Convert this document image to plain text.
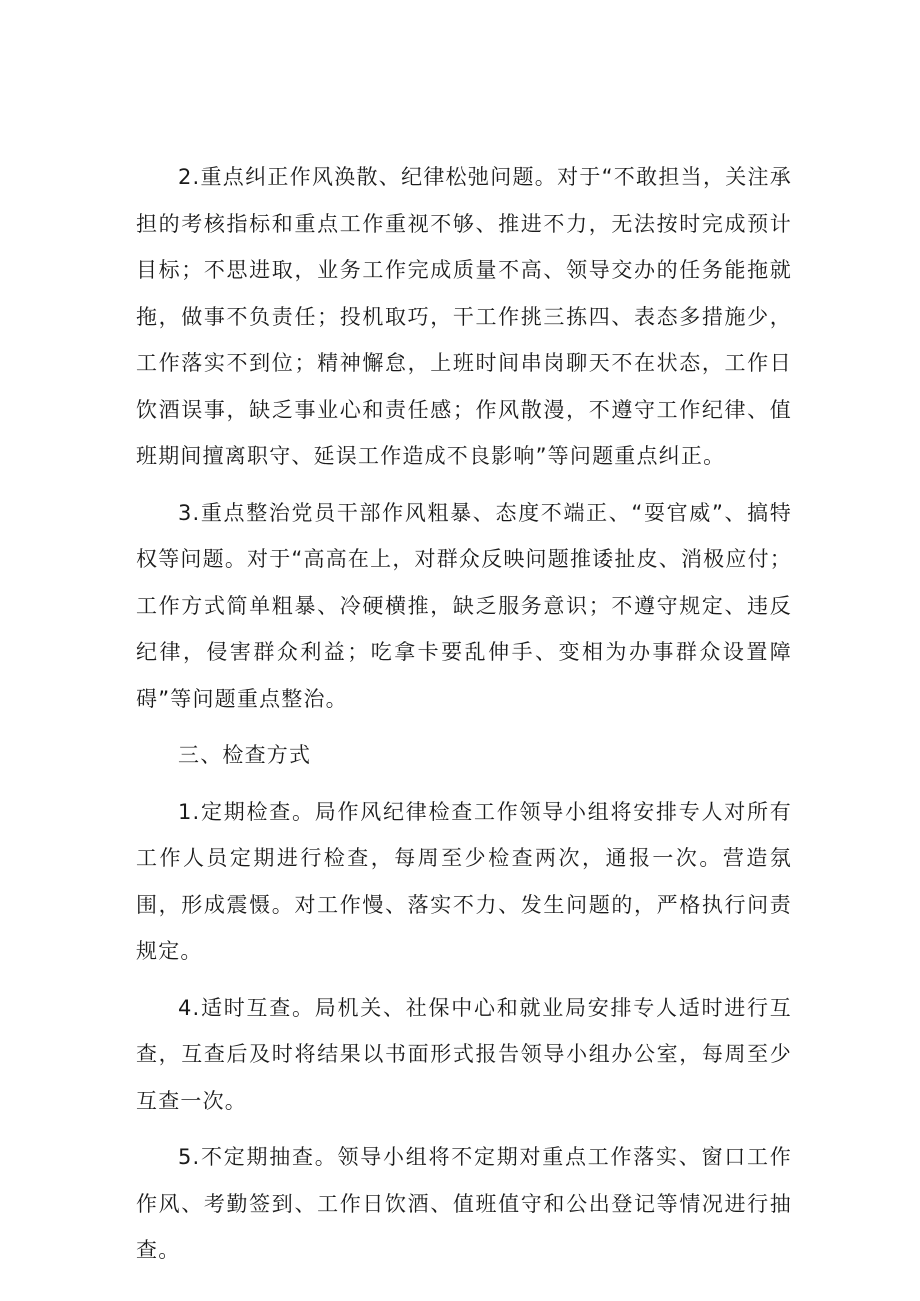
2.重点纠正作风涣散、纪律松弛问题。对于“不敢担当，关注承担的考核指标和重点工作重视不够、推进不力，无法按时完成预计目标；不思进取，业务工作完成质量不高、领导交办的任务能拖就拖，做事不负责任；投机取巧，干工作挑三拣四、表态多措施少，工作落实不到位；精神懈怠，上班时间串岗聊天不在状态，工作日饮酒误事，缺乏事业心和责任感；作风散漫，不遵守工作纪律、值班期间擅离职守、延误工作造成不良影响”等问题重点纠正。

3.重点整治党员干部作风粗暴、态度不端正、“耍官威”、搞特权等问题。对于“高高在上，对群众反映问题推诿扯皮、消极应付；工作方式简单粗暴、冷硬横推，缺乏服务意识；不遵守规定、违反纪律，侵害群众利益；吃拿卡要乱伸手、变相为办事群众设置障碍”等问题重点整治。

三、检查方式

1.定期检查。局作风纪律检查工作领导小组将安排专人对所有工作人员定期进行检查，每周至少检查两次，通报一次。营造氛围，形成震慑。对工作慢、落实不力、发生问题的，严格执行问责规定。

4.适时互查。局机关、社保中心和就业局安排专人适时进行互查，互查后及时将结果以书面形式报告领导小组办公室，每周至少互查一次。

5.不定期抽查。领导小组将不定期对重点工作落实、窗口工作作风、考勤签到、工作日饮酒、值班值守和公出登记等情况进行抽查。
